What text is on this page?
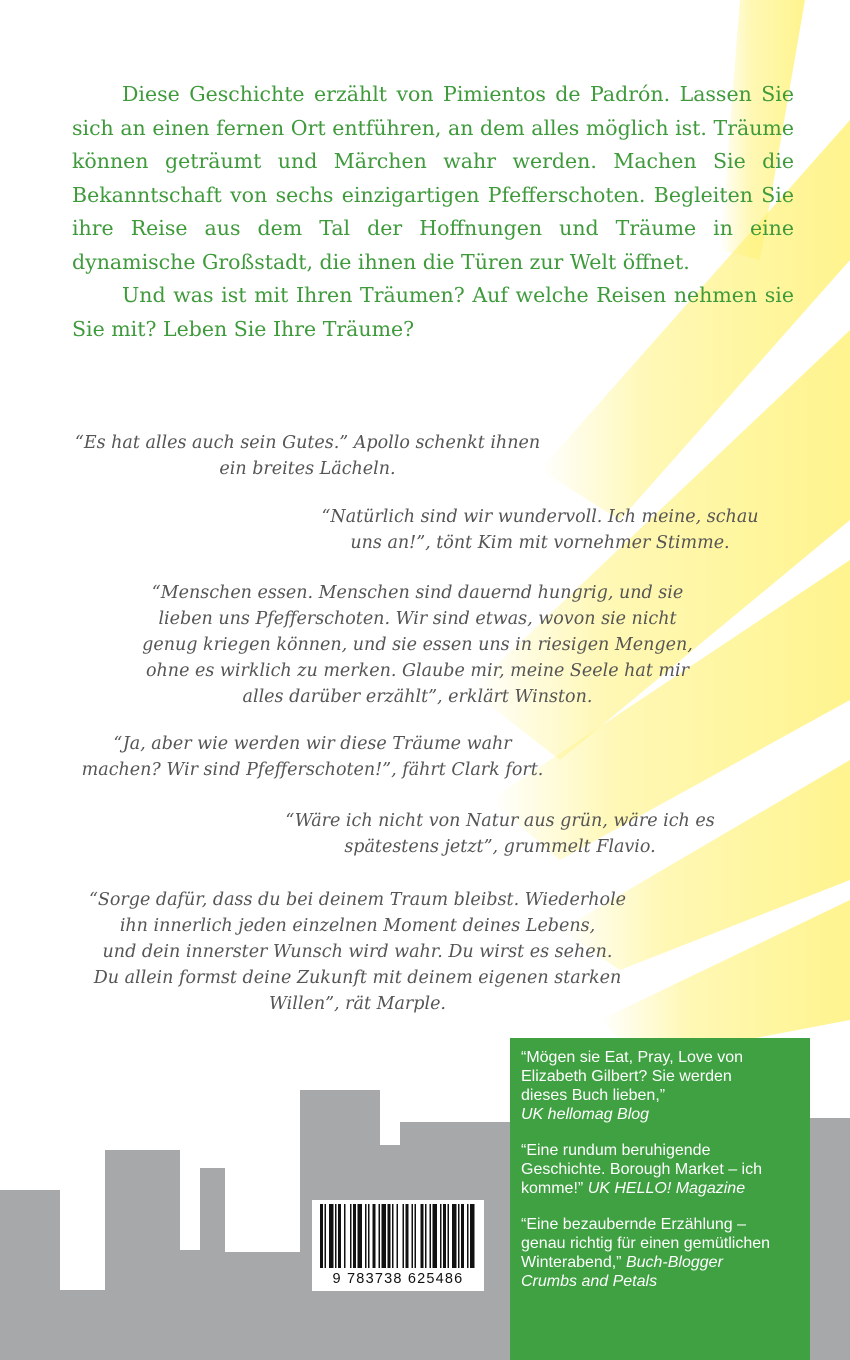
Diese Geschichte erzählt von Pimientos de Padrón. Lassen Sie sich an einen fernen Ort entführen, an dem alles möglich ist. Träume können geträumt und Märchen wahr werden. Machen Sie die Bekanntschaft von sechs einzigartigen Pfefferschoten. Begleiten Sie ihre Reise aus dem Tal der Hoffnungen und Träume in eine dynamische Großstadt, die ihnen die Türen zur Welt öffnet.

Und was ist mit Ihren Träumen? Auf welche Reisen nehmen sie Sie mit? Leben Sie Ihre Träume?

“Es hat alles auch sein Gutes.” Apollo schenkt ihnen
ein breites Lächeln.
“Natürlich sind wir wundervoll. Ich meine, schau
uns an!”, tönt Kim mit vornehmer Stimme.
“Menschen essen. Menschen sind dauernd hungrig, und sie
lieben uns Pfefferschoten. Wir sind etwas, wovon sie nicht
genug kriegen können, und sie essen uns in riesigen Mengen,
ohne es wirklich zu merken. Glaube mir, meine Seele hat mir
alles darüber erzählt”, erklärt Winston.
“Ja, aber wie werden wir diese Träume wahr
machen? Wir sind Pfefferschoten!”, fährt Clark fort.
“Wäre ich nicht von Natur aus grün, wäre ich es
spätestens jetzt”, grummelt Flavio.
“Sorge dafür, dass du bei deinem Traum bleibst. Wiederhole
ihn innerlich jeden einzelnen Moment deines Lebens,
und dein innerster Wunsch wird wahr. Du wirst es sehen.
Du allein formst deine Zukunft mit deinem eigenen starken
Willen”, rät Marple.
9 783738 625486
“Mögen sie Eat, Pray, Love von
Elizabeth Gilbert? Sie werden
dieses Buch lieben,”
UK hellomag Blog
“Eine rundum beruhigende
Geschichte. Borough Market – ich
komme!” UK HELLO! Magazine
“Eine bezaubernde Erzählung –
genau richtig für einen gemütlichen
Winterabend,” Buch-Blogger
Crumbs and Petals
